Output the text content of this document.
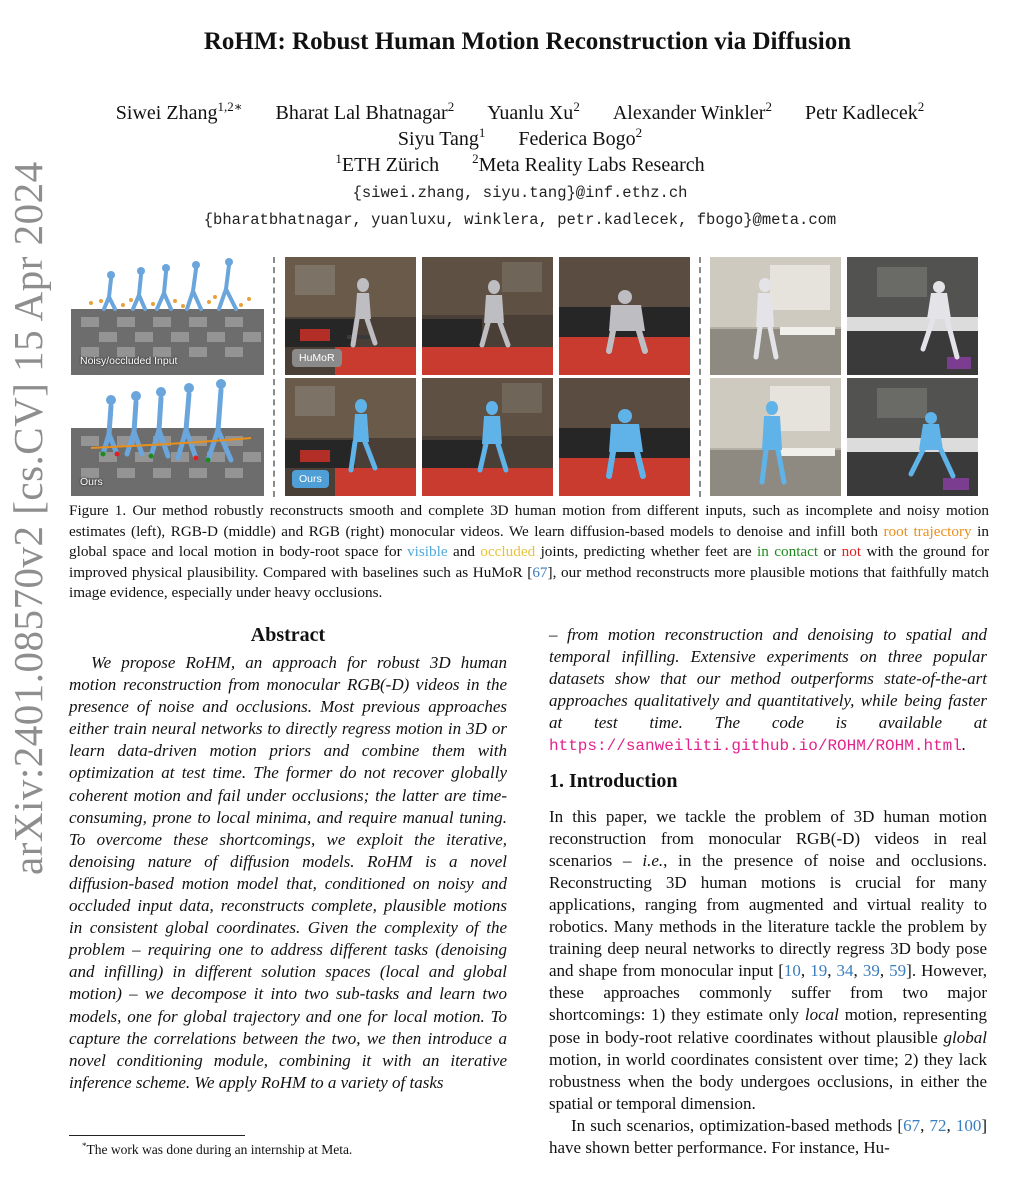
arXiv:2401.08570v2 [cs.CV] 15 Apr 2024
RoHM: Robust Human Motion Reconstruction via Diffusion
Siwei Zhang$^{1,2∗}$ Bharat Lal Bhatnagar$^2$ Yuanlu Xu$^2$ Alexander Winkler$^2$ Petr Kadlecek$^2$
Siyu Tang$^1$ Federica Bogo$^2$
$^1$ETH Zürich	$^2$Meta Reality Labs Research
{siwei.zhang, siyu.tang}@inf.ethz.ch
{bharatbhatnagar, yuanluxu, winklera, petr.kadlecek, fbogo}@meta.com
Noisy/occluded Input
Ours
HuMoR
Ours
Figure 1. Our method robustly reconstructs smooth and complete 3D human motion from different inputs, such as incomplete and noisy motion estimates (left), RGB-D (middle) and RGB (right) monocular videos. We learn diffusion-based models to denoise and infill both root trajectory in global space and local motion in body-root space for visible and occluded joints, predicting whether feet are in contact or not with the ground for improved physical plausibility. Compared with baselines such as HuMoR [67], our method reconstructs more plausible motions that faithfully match image evidence, especially under heavy occlusions.
Abstract

We propose RoHM, an approach for robust 3D human motion reconstruction from monocular RGB(-D) videos in the presence of noise and occlusions. Most previous approaches either train neural networks to directly regress motion in 3D or learn data-driven motion priors and combine them with optimization at test time. The former do not recover globally coherent motion and fail under occlusions; the latter are time-consuming, prone to local minima, and require manual tuning. To overcome these shortcomings, we exploit the iterative, denoising nature of diffusion models. RoHM is a novel diffusion-based motion model that, conditioned on noisy and occluded input data, reconstructs complete, plausible motions in consistent global coordinates. Given the complexity of the problem – requiring one to address different tasks (denoising and infilling) in different solution spaces (local and global motion) – we decompose it into two sub-tasks and learn two models, one for global trajectory and one for local motion. To capture the correlations between the two, we then introduce a novel conditioning module, combining it with an iterative inference scheme. We apply RoHM to a variety of tasks

– from motion reconstruction and denoising to spatial and temporal infilling. Extensive experiments on three popular datasets show that our method outperforms state-of-the-art approaches qualitatively and quantitatively, while being faster at test time. The code is available at https://sanweiliti.github.io/ROHM/ROHM.html.

1. Introduction

In this paper, we tackle the problem of 3D human motion reconstruction from monocular RGB(-D) videos in real scenarios – i.e., in the presence of noise and occlusions. Reconstructing 3D human motions is crucial for many applications, ranging from augmented and virtual reality to robotics. Many methods in the literature tackle the problem by training deep neural networks to directly regress 3D body pose and shape from monocular input [10, 19, 34, 39, 59]. However, these approaches commonly suffer from two major shortcomings: 1) they estimate only local motion, representing pose in body-root relative coordinates without plausible global motion, in world coordinates consistent over time; 2) they lack robustness when the body undergoes occlusions, in either the spatial or temporal dimension.

In such scenarios, optimization-based methods [67, 72, 100] have shown better performance. For instance, Hu-

*The work was done during an internship at Meta.
